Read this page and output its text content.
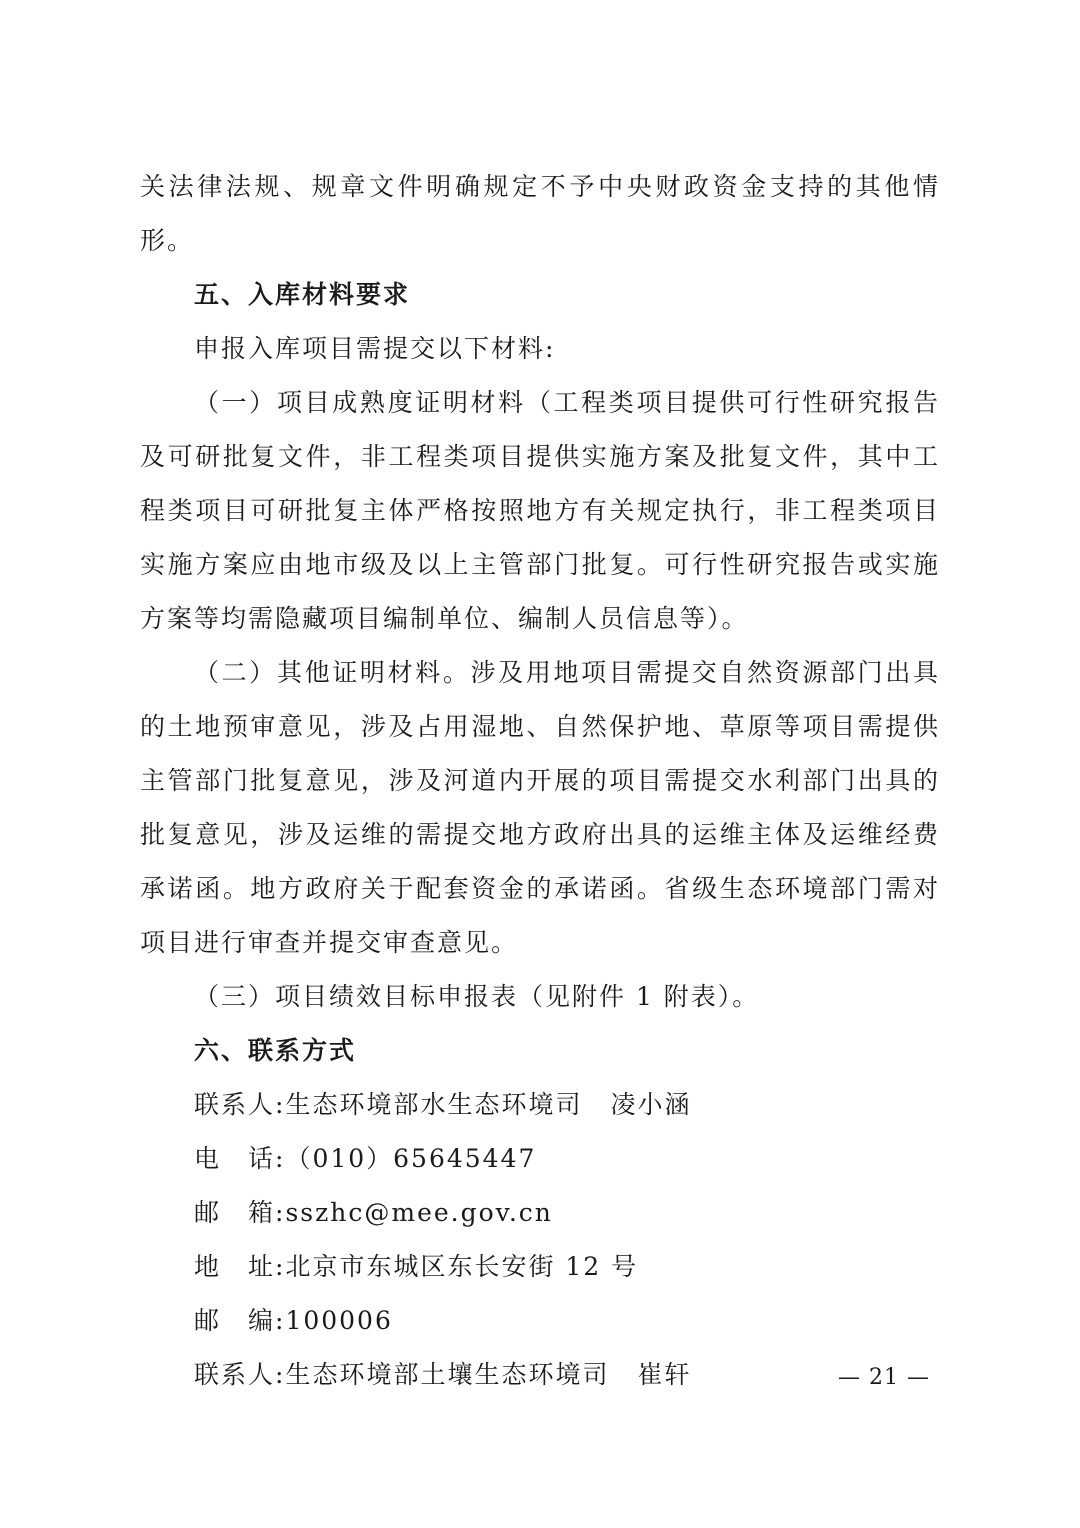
关法律法规、规章文件明确规定不予中央财政资金支持的其他情形。

五、入库材料要求

申报入库项目需提交以下材料:

（一）项目成熟度证明材料（工程类项目提供可行性研究报告及可研批复文件，非工程类项目提供实施方案及批复文件，其中工程类项目可研批复主体严格按照地方有关规定执行，非工程类项目实施方案应由地市级及以上主管部门批复。可行性研究报告或实施方案等均需隐藏项目编制单位、编制人员信息等）。

（二）其他证明材料。涉及用地项目需提交自然资源部门出具的土地预审意见，涉及占用湿地、自然保护地、草原等项目需提供主管部门批复意见，涉及河道内开展的项目需提交水利部门出具的批复意见，涉及运维的需提交地方政府出具的运维主体及运维经费承诺函。地方政府关于配套资金的承诺函。省级生态环境部门需对项目进行审查并提交审查意见。

（三）项目绩效目标申报表（见附件 1 附表）。

六、联系方式

联系人:生态环境部水生态环境司 凌小涵
电　话:（010）65645447
邮　箱:sszhc@mee.gov.cn
地　址:北京市东城区东长安街 12 号
邮　编:100006
联系人:生态环境部土壤生态环境司 崔轩	— 21 —
